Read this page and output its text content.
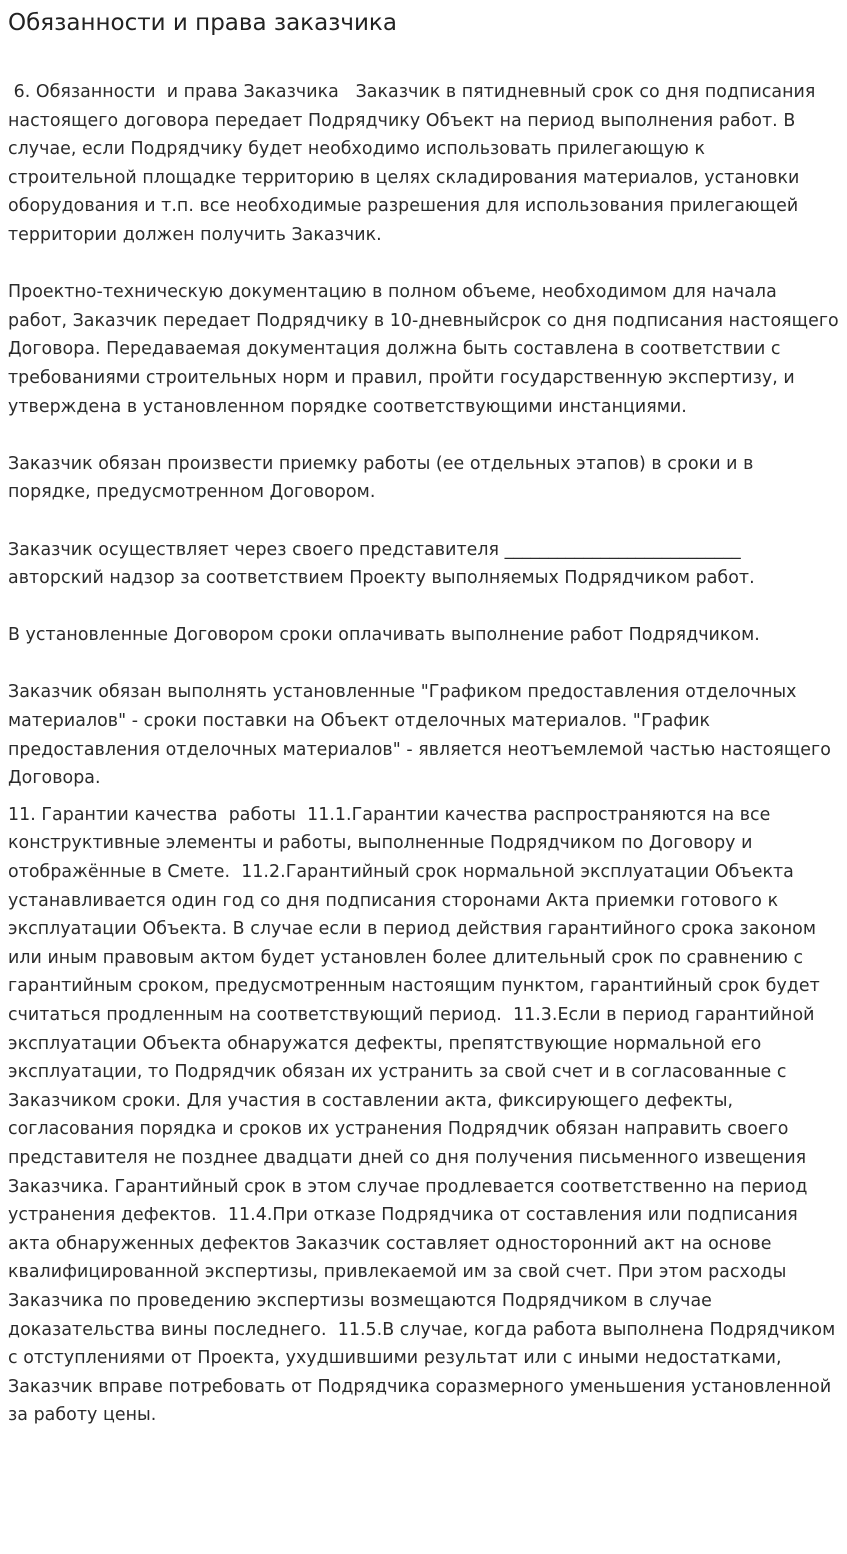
Обязанности и права заказчика

6. Обязанности  и права Заказчика   Заказчик в пятидневный срок со дня подписания настоящего договора передает Подрядчику Объект на период выполнения работ. В случае, если Подрядчику будет необходимо использовать прилегающую к строительной площадке территорию в целях складирования материалов, установки оборудования и т.п. все необходимые разрешения для использования прилегающей территории должен получить Заказчик.

Проектно-техническую документацию в полном объеме, необходимом для начала работ, Заказчик передает Подрядчику в 10-дневныйсрок со дня подписания настоящего Договора. Передаваемая документация должна быть составлена в соответствии с требованиями строительных норм и правил, пройти государственную экспертизу, и утверждена в установленном порядке соответствующими инстанциями.

Заказчик обязан произвести приемку работы (ее отдельных этапов) в сроки и в порядке, предусмотренном Договором.

Заказчик осуществляет через своего представителя ___________________________ авторский надзор за соответствием Проекту выполняемых Подрядчиком работ.

В установленные Договором сроки оплачивать выполнение работ Подрядчиком.

Заказчик обязан выполнять установленные "Графиком предоставления отделочных материалов" - сроки поставки на Объект отделочных материалов. "График предоставления отделочных материалов" - является неотъемлемой частью настоящего Договора.

11. Гарантии качества  работы  11.1.Гарантии качества распространяются на все конструктивные элементы и работы, выполненные Подрядчиком по Договору и отображённые в Смете.  11.2.Гарантийный срок нормальной эксплуатации Объекта устанавливается один год со дня подписания сторонами Акта приемки готового к эксплуатации Объекта. В случае если в период действия гарантийного срока законом или иным правовым актом будет установлен более длительный срок по сравнению с гарантийным сроком, предусмотренным настоящим пунктом, гарантийный срок будет считаться продленным на соответствующий период.  11.3.Если в период гарантийной эксплуатации Объекта обнаружатся дефекты, препятствующие нормальной его эксплуатации, то Подрядчик обязан их устранить за свой счет и в согласованные с Заказчиком сроки. Для участия в составлении акта, фиксирующего дефекты, согласования порядка и сроков их устранения Подрядчик обязан направить своего представителя не позднее двадцати дней со дня получения письменного извещения Заказчика. Гарантийный срок в этом случае продлевается соответственно на период устранения дефектов.  11.4.При отказе Подрядчика от составления или подписания акта обнаруженных дефектов Заказчик составляет односторонний акт на основе квалифицированной экспертизы, привлекаемой им за свой счет. При этом расходы Заказчика по проведению экспертизы возмещаются Подрядчиком в случае доказательства вины последнего.  11.5.В случае, когда работа выполнена Подрядчиком с отступлениями от Проекта, ухудшившими результат или с иными недостатками, Заказчик вправе потребовать от Подрядчика соразмерного уменьшения установленной за работу цены.
